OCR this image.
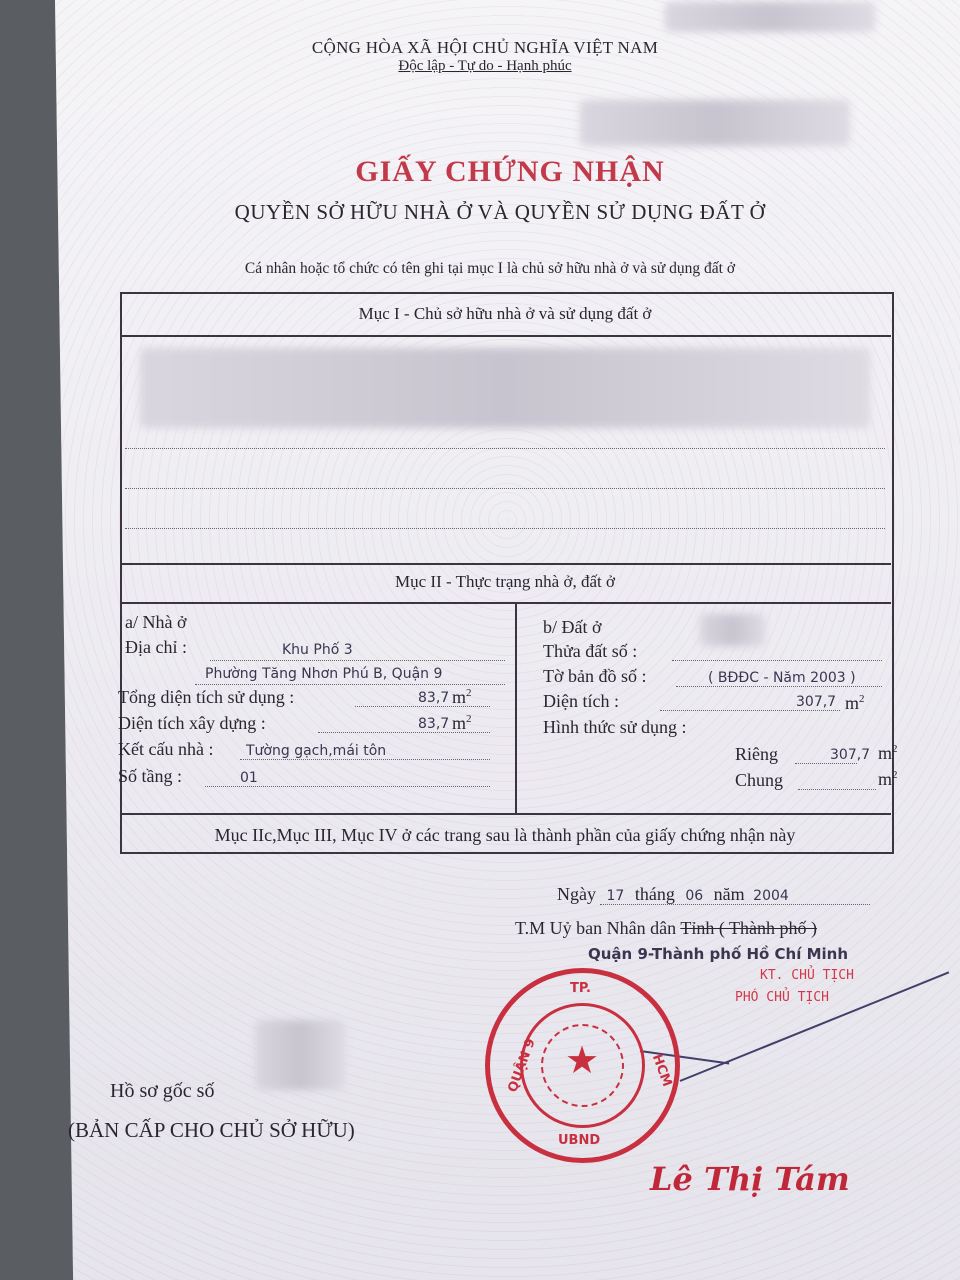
CỘNG HÒA XÃ HỘI CHỦ NGHĨA VIỆT NAM
Độc lập - Tự do - Hạnh phúc
GIẤY CHỨNG NHẬN
QUYỀN SỞ HỮU NHÀ Ở VÀ QUYỀN SỬ DỤNG ĐẤT Ở
Cá nhân hoặc tổ chức có tên ghi tại mục I là chủ sở hữu nhà ở và sử dụng đất ở
Mục I - Chủ sở hữu nhà ở và sử dụng đất ở
Mục II - Thực trạng nhà ở, đất ở
a/ Nhà ở
Địa chỉ :	Khu Phố 3
Phường Tăng Nhơn Phú B, Quận 9
Tổng diện tích sử dụng :	83,7 $m^2$
Diện tích xây dựng :	83,7 $m^2$
Kết cấu nhà : Tường gạch,mái tôn
Số tầng :	01
b/ Đất ở
Thửa đất số :
Tờ bản đồ số :	( BĐĐC - Năm 2003 )
Diện tích :	307,7 $m^2$
Hình thức sử dụng :
Riêng	307,7 $m^2$
Chung	$m^2$
Mục IIc,Mục III, Mục IV ở các trang sau là thành phần của giấy chứng nhận này
Ngày 17 tháng 06 năm 2004
T.M Uỷ ban Nhân dân Tỉnh ( Thành phố )
Quận 9-Thành phố Hồ Chí Minh
KT. CHỦ TỊCH
PHÓ CHỦ TỊCH
★
TP.
QUẬN 9	HCM
UBND
Lê Thị Tám
Hồ sơ gốc số
(BẢN CẤP CHO CHỦ SỞ HỮU)
